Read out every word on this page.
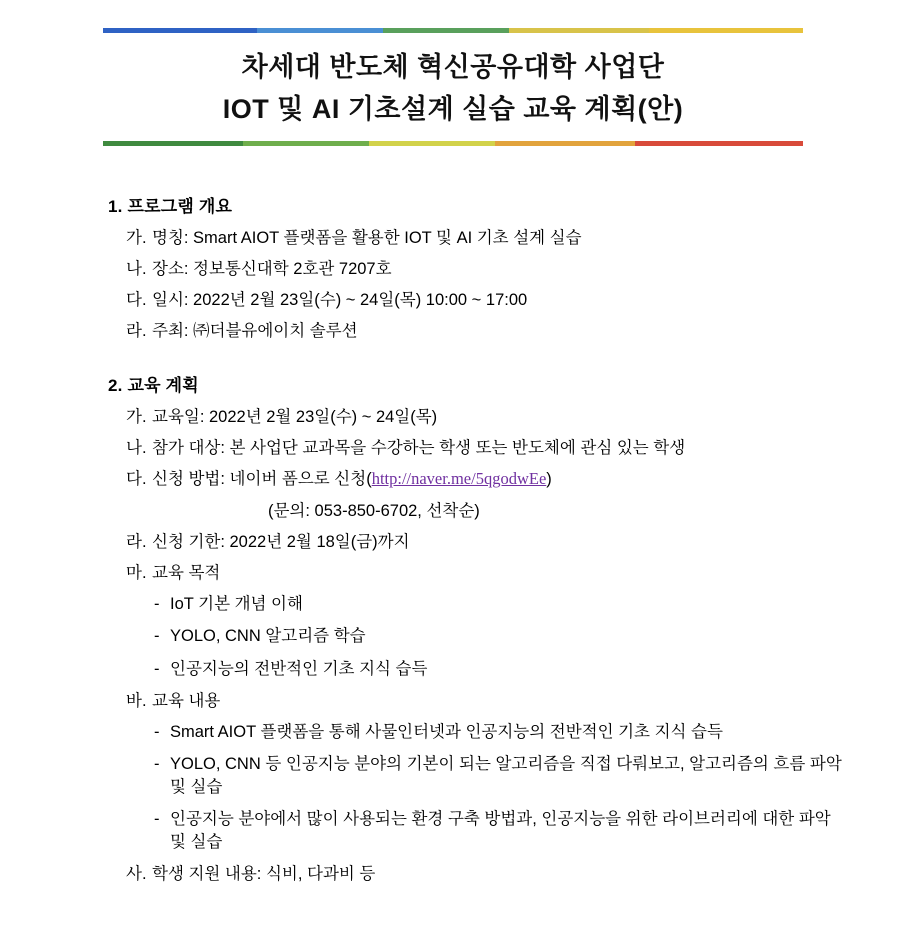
차세대 반도체 혁신공유대학 사업단
IOT 및 AI 기초설계 실습 교육 계획(안)
1. 프로그램 개요
가. 명칭: Smart AIOT 플랫폼을 활용한 IOT 및 AI 기초 설계 실습
나. 장소: 정보통신대학 2호관 7207호
다. 일시: 2022년 2월 23일(수) ~ 24일(목) 10:00 ~ 17:00
라. 주최: ㈜더블유에이치 솔루션
2. 교육 계획
가. 교육일: 2022년 2월 23일(수) ~ 24일(목)
나. 참가 대상: 본 사업단 교과목을 수강하는 학생 또는 반도체에 관심 있는 학생
다. 신청 방법: 네이버 폼으로 신청(http://naver.me/5qgodwEe)
(문의: 053-850-6702, 선착순)
라. 신청 기한: 2022년 2월 18일(금)까지
마. 교육 목적
- IoT 기본 개념 이해
- YOLO, CNN 알고리즘 학습
- 인공지능의 전반적인 기초 지식 습득
바. 교육 내용
- Smart AIOT 플랫폼을 통해 사물인터넷과 인공지능의 전반적인 기초 지식 습득
- YOLO, CNN 등 인공지능 분야의 기본이 되는 알고리즘을 직접 다뤄보고, 알고리즘의 흐름 파악 및 실습
- 인공지능 분야에서 많이 사용되는 환경 구축 방법과, 인공지능을 위한 라이브러리에 대한 파악 및 실습
사. 학생 지원 내용: 식비, 다과비 등
